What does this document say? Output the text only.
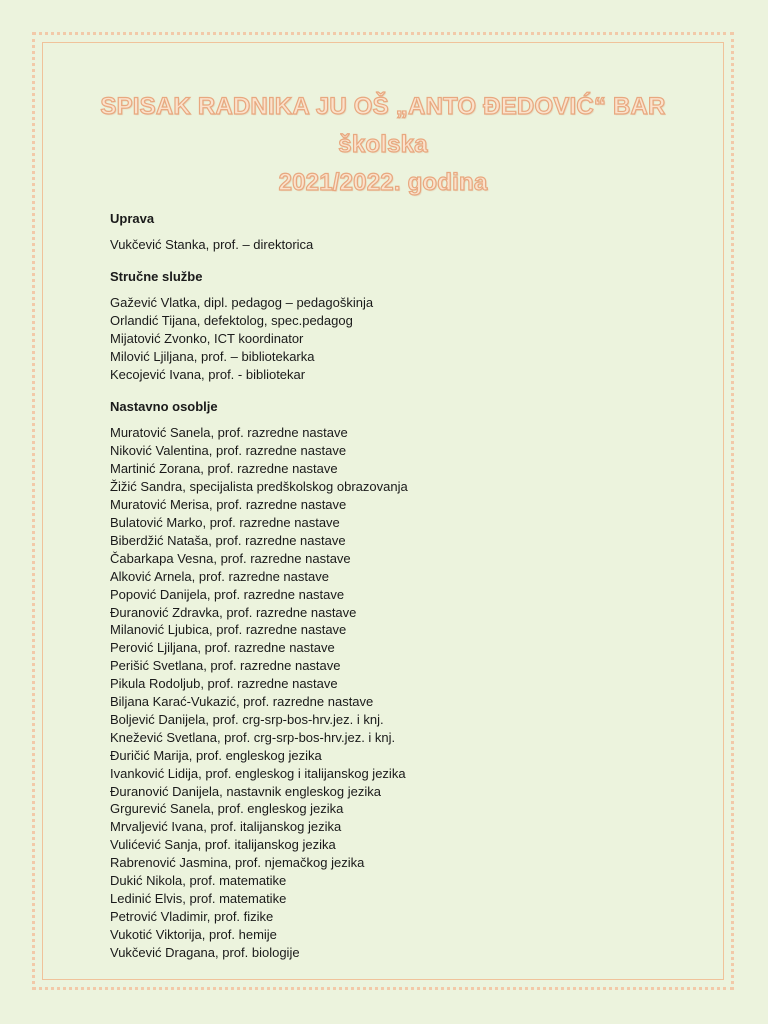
SPISAK RADNIKA JU OŠ „ANTO ĐEDOVIĆ“ BAR
školska
2021/2022. godina
Uprava
Vukčević Stanka, prof. – direktorica
Stručne službe
Gažević Vlatka, dipl. pedagog – pedagoškinja
Orlandić Tijana, defektolog, spec.pedagog
Mijatović Zvonko, ICT koordinator
Milović Ljiljana, prof. – bibliotekarka
Kecojević Ivana, prof. - bibliotekar
Nastavno osoblje
Muratović Sanela, prof. razredne nastave
Niković Valentina, prof. razredne nastave
Martinić Zorana, prof. razredne nastave
Žižić Sandra, specijalista predškolskog obrazovanja
Muratović Merisa, prof. razredne nastave
Bulatović Marko, prof. razredne nastave
Biberdžić Nataša, prof. razredne nastave
Čabarkapa Vesna, prof. razredne nastave
Alković Arnela, prof. razredne nastave
Popović Danijela, prof. razredne nastave
Đuranović Zdravka, prof. razredne nastave
Milanović Ljubica, prof. razredne nastave
Perović Ljiljana, prof. razredne nastave
Perišić Svetlana, prof. razredne nastave
Pikula Rodoljub, prof. razredne nastave
Biljana Karać-Vukazić, prof. razredne nastave
Boljević Danijela, prof. crg-srp-bos-hrv.jez. i knj.
Knežević Svetlana, prof. crg-srp-bos-hrv.jez. i knj.
Đuričić Marija, prof. engleskog jezika
Ivanković Lidija, prof. engleskog i italijanskog jezika
Đuranović Danijela, nastavnik engleskog jezika
Grgurević Sanela, prof. engleskog jezika
Mrvaljević Ivana, prof. italijanskog jezika
Vulićević Sanja, prof. italijanskog jezika
Rabrenović Jasmina, prof. njemačkog jezika
Dukić Nikola, prof. matematike
Ledinić Elvis, prof. matematike
Petrović Vladimir, prof. fizike
Vukotić Viktorija, prof. hemije
Vukčević Dragana, prof. biologije
